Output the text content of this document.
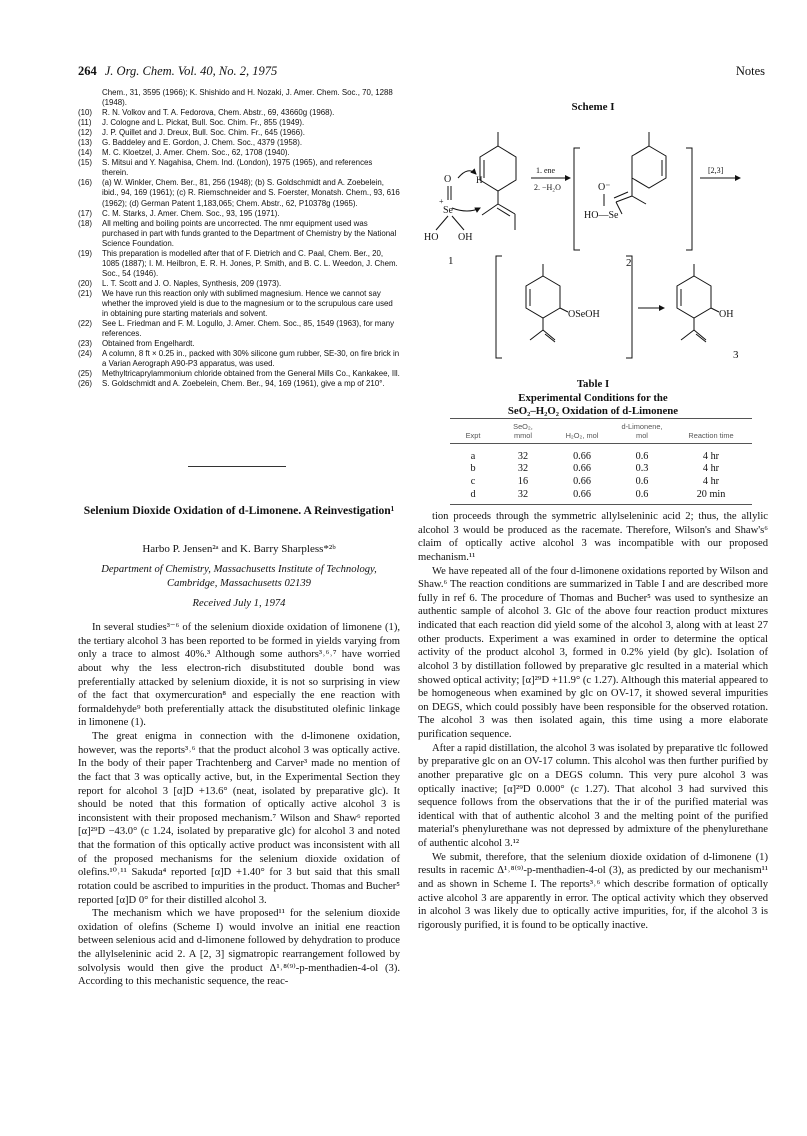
264 J. Org. Chem. Vol. 40, No. 2, 1975	Notes
Chem., 31, 3595 (1966); K. Shishido and H. Nozaki, J. Amer. Chem. Soc., 70, 1288 (1948).
(10)	R. N. Volkov and T. A. Fedorova, Chem. Abstr., 69, 43660g (1968).
(11)	J. Cologne and L. Pickat, Bull. Soc. Chim. Fr., 855 (1949).
(12)	J. P. Quillet and J. Dreux, Bull. Soc. Chim. Fr., 645 (1966).
(13)	G. Baddeley and E. Gordon, J. Chem. Soc., 4379 (1958).
(14)	M. C. Kloetzel, J. Amer. Chem. Soc., 62, 1708 (1940).
(15)	S. Mitsui and Y. Nagahisa, Chem. Ind. (London), 1975 (1965), and references therein.
(16)	(a) W. Winkler, Chem. Ber., 81, 256 (1948); (b) S. Goldschmidt and A. Zoebelein, ibid., 94, 169 (1961); (c) R. Riemschneider and S. Foerster, Monatsh. Chem., 93, 616 (1962); (d) German Patent 1,183,065; Chem. Abstr., 62, P10378g (1965).
(17)	C. M. Starks, J. Amer. Chem. Soc., 93, 195 (1971).
(18)	All melting and boiling points are uncorrected. The nmr equipment used was purchased in part with funds granted to the Department of Chemistry by the National Science Foundation.
(19)	This preparation is modelled after that of F. Dietrich and C. Paal, Chem. Ber., 20, 1085 (1887); I. M. Heilbron, E. R. H. Jones, P. Smith, and B. C. L. Weedon, J. Chem. Soc., 54 (1946).
(20)	L. T. Scott and J. O. Naples, Synthesis, 209 (1973).
(21)	We have run this reaction only with sublimed magnesium. Hence we cannot say whether the improved yield is due to the magnesium or to the scrupulous care used in obtaining pure starting materials and solvent.
(22)	See L. Friedman and F. M. Logullo, J. Amer. Chem. Soc., 85, 1549 (1963), for many references.
(23)	Obtained from Engelhardt.
(24)	A column, 8 ft × 0.25 in., packed with 30% silicone gum rubber, SE-30, on fire brick in a Varian Aerograph A90-P3 apparatus, was used.
(25)	Methyltricaprylammonium chloride obtained from the General Mills Co., Kankakee, Ill.
(26)	S. Goldschmidt and A. Zoebelein, Chem. Ber., 94, 169 (1961), give a mp of 210°.
Selenium Dioxide Oxidation of d-Limonene. A Reinvestigation¹
Harbo P. Jensen²ᵃ and K. Barry Sharpless*²ᵇ
Department of Chemistry, Massachusetts Institute of Technology, Cambridge, Massachusetts 02139
Received July 1, 1974

In several studies³⁻⁶ of the selenium dioxide oxidation of limonene (1), the tertiary alcohol 3 has been reported to be formed in yields varying from only a trace to almost 40%.³ Although some authors³˒⁶˒⁷ have worried about why the less electron-rich disubstituted double bond was preferentially attacked by selenium dioxide, it is not so surprising in view of the fact that oxymercuration⁸ and especially the ene reaction with formaldehyde⁹ both preferentially attack the disubstituted olefinic linkage in limonene (1).

The great enigma in connection with the d-limonene oxidation, however, was the reports³˒⁶ that the product alcohol 3 was optically active. In the body of their paper Trachtenberg and Carver³ made no mention of the fact that 3 was optically active, but, in the Experimental Section they report for alcohol 3 [α]D +13.6° (neat, isolated by preparative glc). It should be noted that this formation of optically active alcohol 3 is inconsistent with their proposed mechanism.⁷ Wilson and Shaw⁶ reported [α]²⁹D −43.0° (c 1.24, isolated by preparative glc) for alcohol 3 and noted that the formation of this optically active product was inconsistent with all of the proposed mechanisms for the selenium dioxide oxidation of olefins.¹⁰˒¹¹ Sakuda⁴ reported [α]D +1.40° for 3 but said that this small rotation could be ascribed to impurities in the product. Thomas and Bucher⁵ reported [α]D 0° for their distilled alcohol 3.

The mechanism which we have proposed¹¹ for the selenium dioxide oxidation of olefins (Scheme I) would involve an initial ene reaction between selenious acid and d-limonene followed by dehydration to produce the allylseleninic acid 2. A [2, 3] sigmatropic rearrangement followed by solvolysis would then give the product Δ¹˒⁸⁽⁹⁾-p-menthadien-4-ol (3). According to this mechanistic sequence, the reac-

Scheme I
H
O
Se
+
HO OH
1
1. ene
2. −H₂O	O⁻
HO—Se
2
[2,3]
OSeOH	OH
3
Table I
Experimental Conditions for the
SeO₂–H₂O₂ Oxidation of d-Limonene
	SeO₂,		d-Limonene,	
Expt	mmol	H₂O₂, mol	mol	Reaction time
a	32	0.66	0.6	4 hr
b	32	0.66	0.3	4 hr
c	16	0.66	0.6	4 hr
d	32	0.66	0.6	20 min

tion proceeds through the symmetric allylseleninic acid 2; thus, the allylic alcohol 3 would be produced as the racemate. Therefore, Wilson's and Shaw's⁶ claim of optically active alcohol 3 was incompatible with our proposed mechanism.¹¹

We have repeated all of the four d-limonene oxidations reported by Wilson and Shaw.⁶ The reaction conditions are summarized in Table I and are described more fully in ref 6. The procedure of Thomas and Bucher⁵ was used to synthesize an authentic sample of alcohol 3. Glc of the above four reaction product mixtures indicated that each reaction did yield some of the alcohol 3, along with at least 27 other products. Experiment a was examined in order to determine the optical activity of the product alcohol 3, formed in 0.2% yield (by glc). Isolation of alcohol 3 by distillation followed by preparative glc resulted in a material which showed optical activity; [α]²⁹D +11.9° (c 1.27). Although this material appeared to be homogeneous when examined by glc on OV-17, it showed several impurities on DEGS, which could possibly have been responsible for the observed rotation. The alcohol 3 was then isolated again, this time using a more elaborate purification sequence.

After a rapid distillation, the alcohol 3 was isolated by preparative tlc followed by preparative glc on an OV-17 column. This alcohol was then further purified by another preparative glc on a DEGS column. This very pure alcohol 3 was optically inactive; [α]²⁹D 0.000° (c 1.27). That alcohol 3 had survived this sequence follows from the observations that the ir of the purified material was identical with that of authentic alcohol 3 and the melting point of the purified material's phenylurethane was not depressed by admixture of the phenylurethane of authentic alcohol 3.¹²

We submit, therefore, that the selenium dioxide oxidation of d-limonene (1) results in racemic Δ¹˒⁸⁽⁹⁾-p-menthadien-4-ol (3), as predicted by our mechanism¹¹ and as shown in Scheme I. The reports³˒⁶ which describe formation of optically active alcohol 3 are apparently in error. The optical activity which they observed in alcohol 3 was likely due to optically active impurities, for, if the alcohol 3 is rigorously purified, it is found to be optically inactive.
